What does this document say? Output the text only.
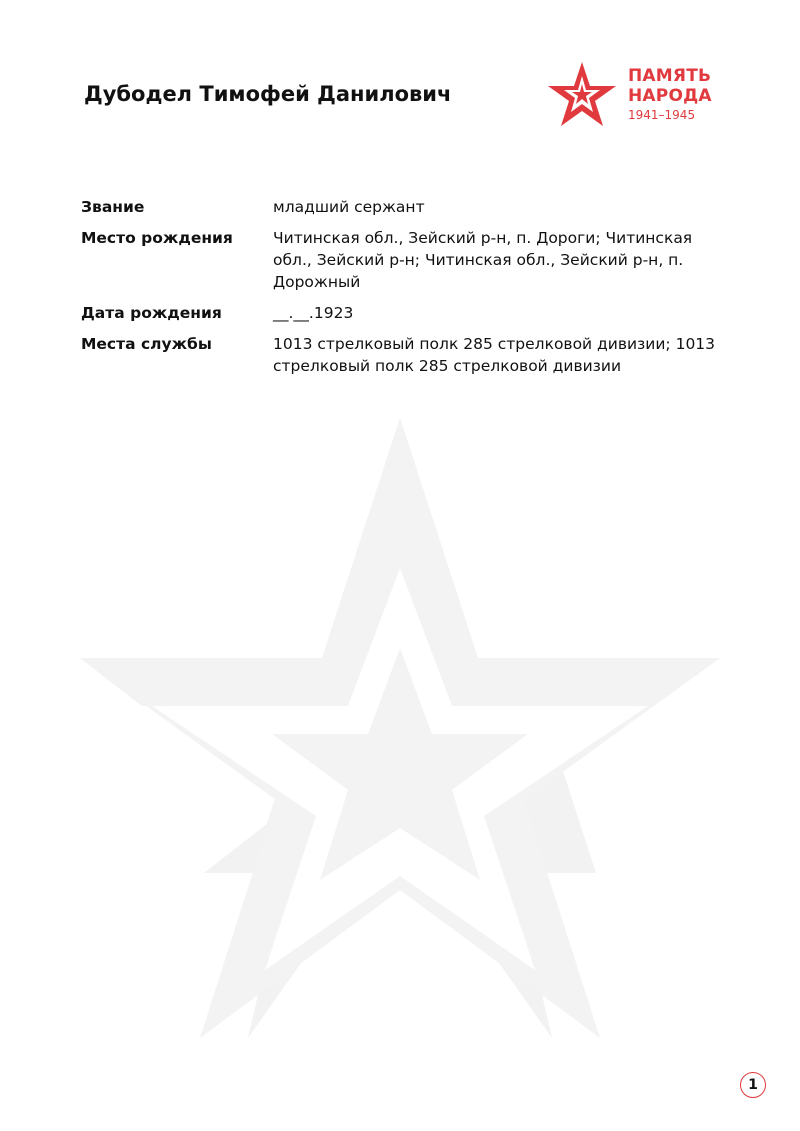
Дубодел Тимофей Данилович
ПАМЯТЬ
НАРОДА
1941–1945
Звание	младший сержант
Место рождения	Читинская обл., Зейский р-н, п. Дороги; Читинская обл., Зейский р-н; Читинская обл., Зейский р-н, п. Дорожный
Дата рождения	__.__.1923
Места службы	1013 стрелковый полк 285 стрелковой дивизии; 1013 стрелковый полк 285 стрелковой дивизии
1
